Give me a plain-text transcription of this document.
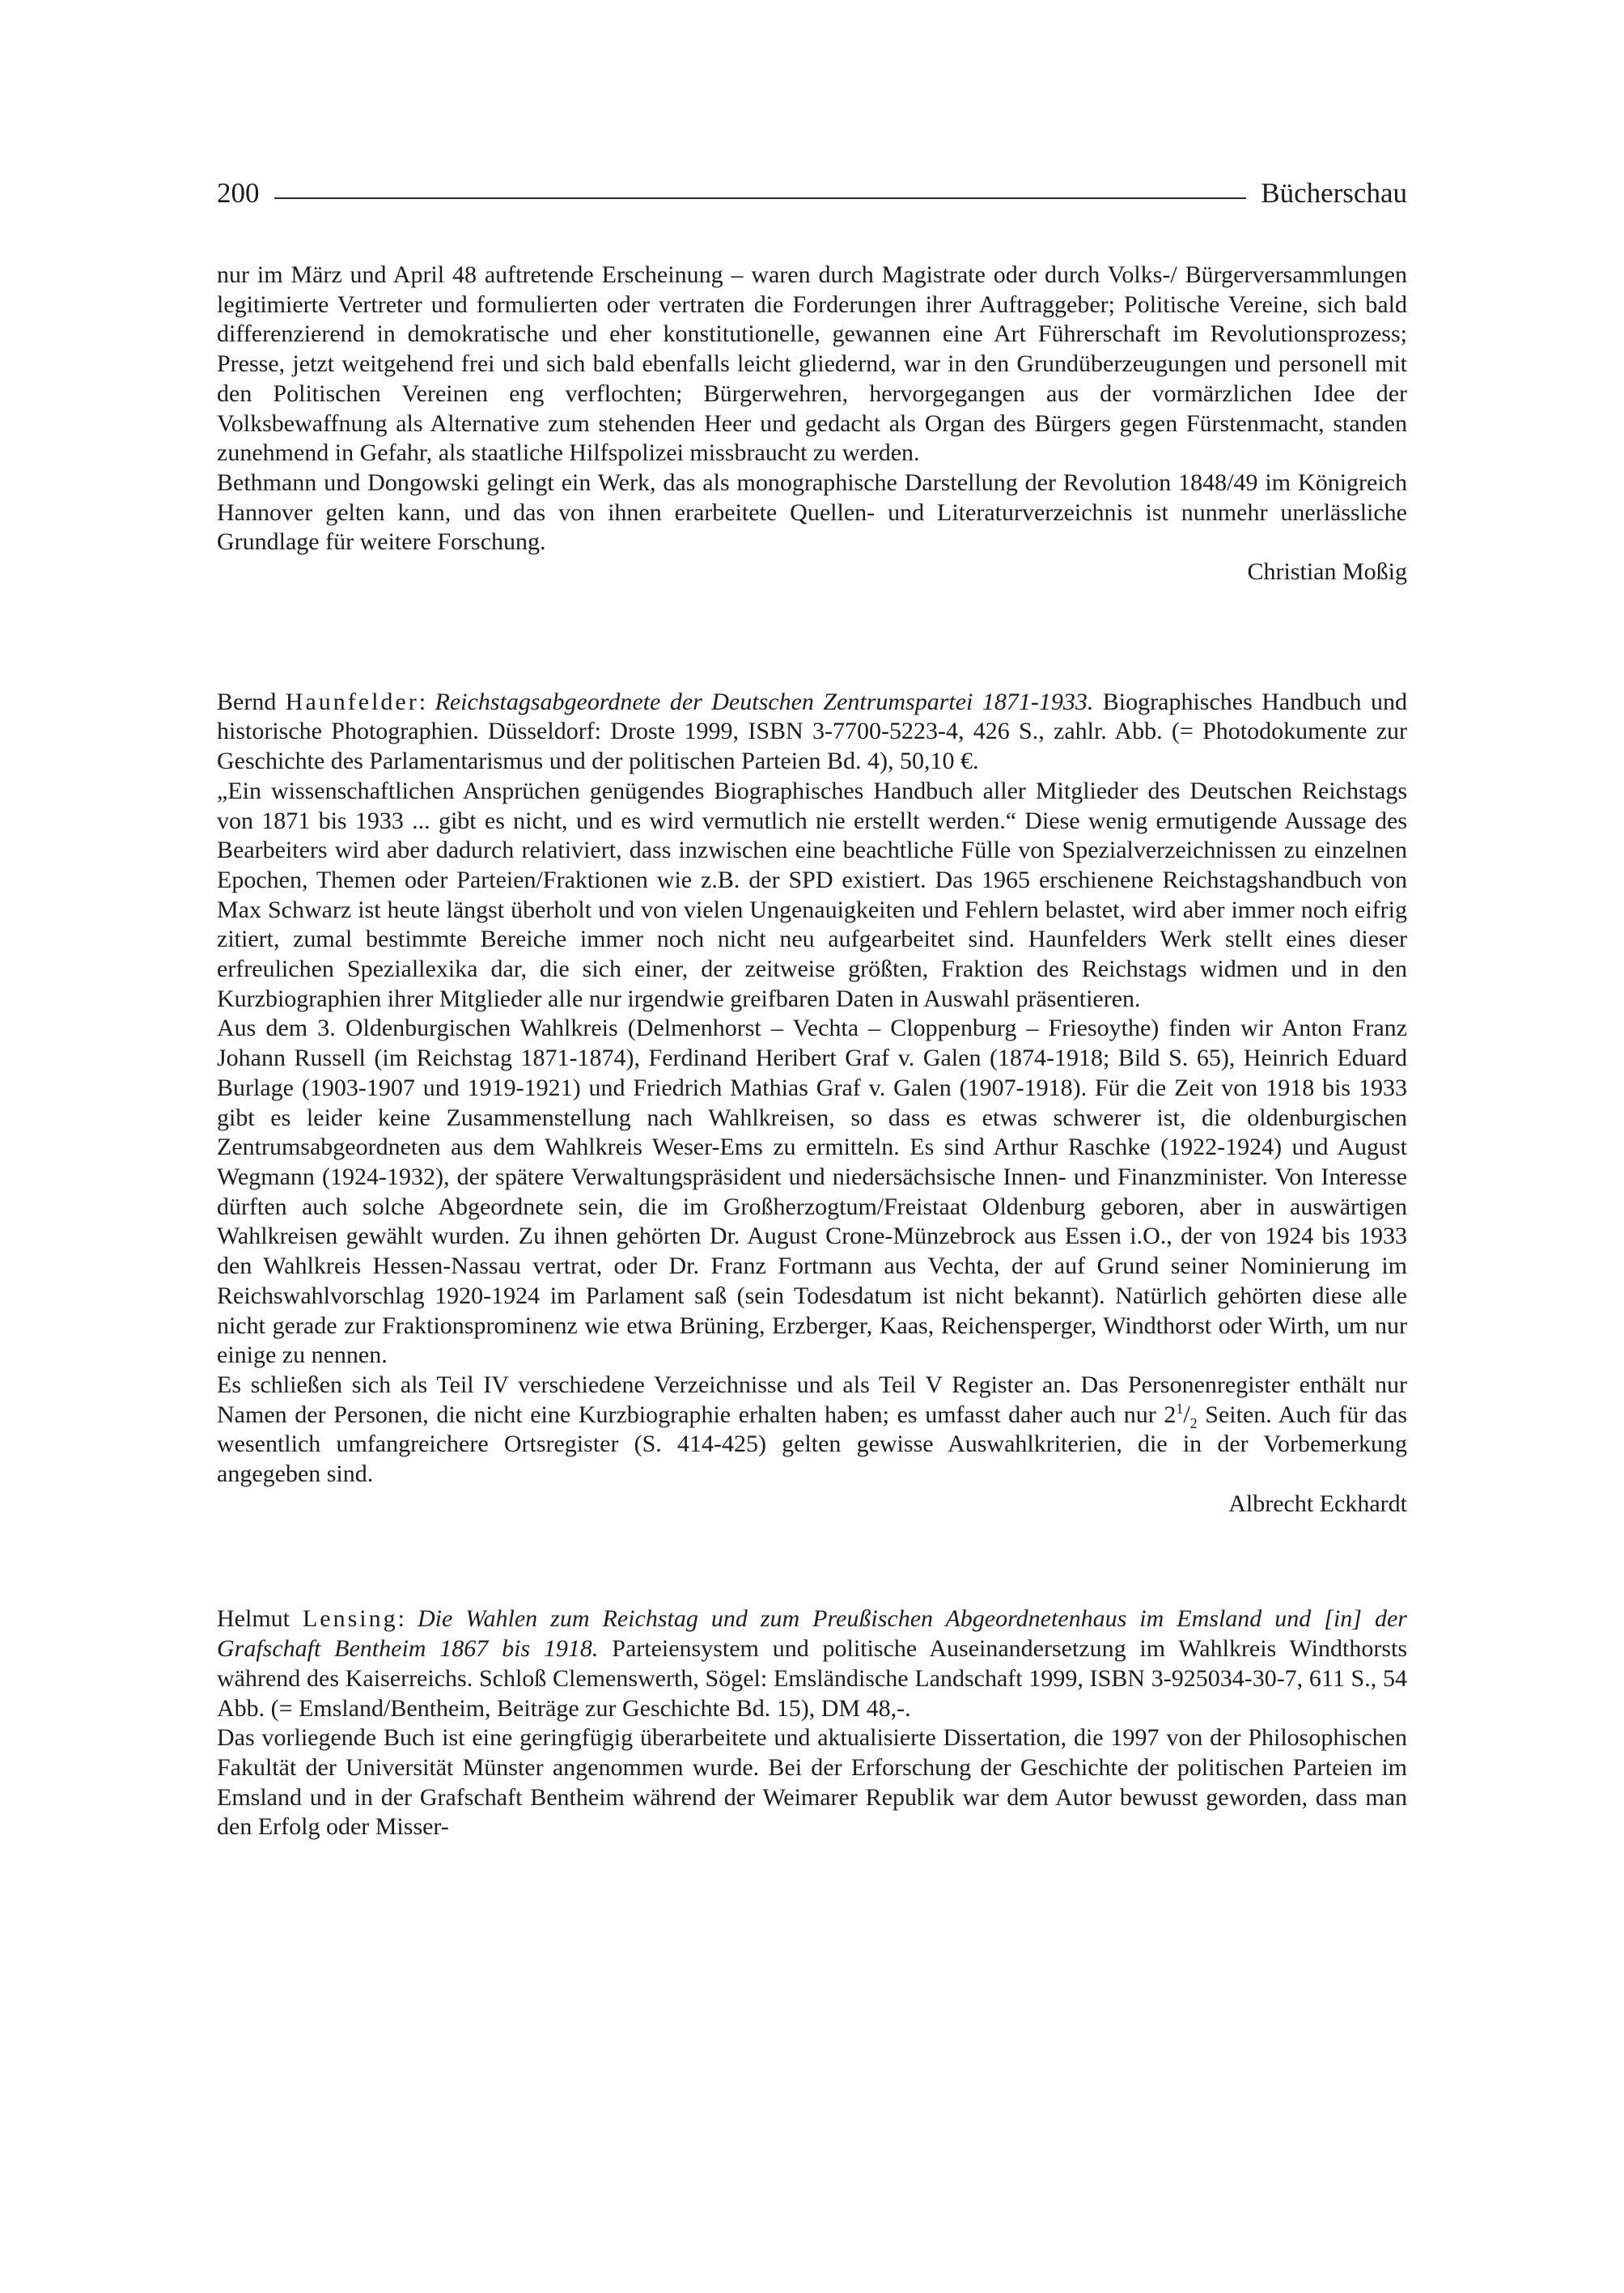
200	Bücherschau

nur im März und April 48 auftretende Erscheinung – waren durch Magistrate oder durch Volks-/ Bürgerversammlungen legitimierte Vertreter und formulierten oder vertraten die Forderungen ihrer Auftraggeber; Politische Vereine, sich bald differenzierend in demokratische und eher konstitutionelle, gewannen eine Art Führerschaft im Revolutionsprozess; Presse, jetzt weitgehend frei und sich bald ebenfalls leicht gliedernd, war in den Grundüberzeugungen und personell mit den Politischen Vereinen eng verflochten; Bürgerwehren, hervorgegangen aus der vormärzlichen Idee der Volksbewaffnung als Alternative zum stehenden Heer und gedacht als Organ des Bürgers gegen Fürstenmacht, standen zunehmend in Gefahr, als staatliche Hilfspolizei missbraucht zu werden.

Bethmann und Dongowski gelingt ein Werk, das als monographische Darstellung der Revolution 1848/49 im Königreich Hannover gelten kann, und das von ihnen erarbeitete Quellen- und Literaturverzeichnis ist nunmehr unerlässliche Grundlage für weitere Forschung.

Christian Moßig

Bernd Haunfelder: Reichstagsabgeordnete der Deutschen Zentrumspartei 1871-1933. Biographisches Handbuch und historische Photographien. Düsseldorf: Droste 1999, ISBN 3-7700-5223-4, 426 S., zahlr. Abb. (= Photodokumente zur Geschichte des Parlamentarismus und der politischen Parteien Bd. 4), 50,10 €.

„Ein wissenschaftlichen Ansprüchen genügendes Biographisches Handbuch aller Mitglieder des Deutschen Reichstags von 1871 bis 1933 ... gibt es nicht, und es wird vermutlich nie erstellt werden.“ Diese wenig ermutigende Aussage des Bearbeiters wird aber dadurch relativiert, dass inzwischen eine beachtliche Fülle von Spezialverzeichnissen zu einzelnen Epochen, Themen oder Parteien/Fraktionen wie z.B. der SPD existiert. Das 1965 erschienene Reichstagshandbuch von Max Schwarz ist heute längst überholt und von vielen Ungenauigkeiten und Fehlern belastet, wird aber immer noch eifrig zitiert, zumal bestimmte Bereiche immer noch nicht neu aufgearbeitet sind. Haunfelders Werk stellt eines dieser erfreulichen Speziallexika dar, die sich einer, der zeitweise größten, Fraktion des Reichstags widmen und in den Kurzbiographien ihrer Mitglieder alle nur irgendwie greifbaren Daten in Auswahl präsentieren.

Aus dem 3. Oldenburgischen Wahlkreis (Delmenhorst – Vechta – Cloppenburg – Friesoythe) finden wir Anton Franz Johann Russell (im Reichstag 1871-1874), Ferdinand Heribert Graf v. Galen (1874-1918; Bild S. 65), Heinrich Eduard Burlage (1903-1907 und 1919-1921) und Friedrich Mathias Graf v. Galen (1907-1918). Für die Zeit von 1918 bis 1933 gibt es leider keine Zusammenstellung nach Wahlkreisen, so dass es etwas schwerer ist, die oldenburgischen Zentrumsabgeordneten aus dem Wahlkreis Weser-Ems zu ermitteln. Es sind Arthur Raschke (1922-1924) und August Wegmann (1924-1932), der spätere Verwaltungspräsident und niedersächsische Innen- und Finanzminister. Von Interesse dürften auch solche Abgeordnete sein, die im Großherzogtum/Freistaat Oldenburg geboren, aber in auswärtigen Wahlkreisen gewählt wurden. Zu ihnen gehörten Dr. August Crone-Münzebrock aus Essen i.O., der von 1924 bis 1933 den Wahlkreis Hessen-Nassau vertrat, oder Dr. Franz Fortmann aus Vechta, der auf Grund seiner Nominierung im Reichswahlvorschlag 1920-1924 im Parlament saß (sein Todesdatum ist nicht bekannt). Natürlich gehörten diese alle nicht gerade zur Fraktionsprominenz wie etwa Brüning, Erzberger, Kaas, Reichensperger, Windthorst oder Wirth, um nur einige zu nennen.

Es schließen sich als Teil IV verschiedene Verzeichnisse und als Teil V Register an. Das Personenregister enthält nur Namen der Personen, die nicht eine Kurzbiographie erhalten haben; es umfasst daher auch nur $2^1/_2$ Seiten. Auch für das wesentlich umfangreichere Ortsregister (S. 414-425) gelten gewisse Auswahlkriterien, die in der Vorbemerkung angegeben sind.

Albrecht Eckhardt

Helmut Lensing: Die Wahlen zum Reichstag und zum Preußischen Abgeordnetenhaus im Emsland und [in] der Grafschaft Bentheim 1867 bis 1918. Parteiensystem und politische Auseinandersetzung im Wahlkreis Windthorsts während des Kaiserreichs. Schloß Clemenswerth, Sögel: Emsländische Landschaft 1999, ISBN 3-925034-30-7, 611 S., 54 Abb. (= Emsland/Bentheim, Beiträge zur Geschichte Bd. 15), DM 48,-.

Das vorliegende Buch ist eine geringfügig überarbeitete und aktualisierte Dissertation, die 1997 von der Philosophischen Fakultät der Universität Münster angenommen wurde. Bei der Erforschung der Geschichte der politischen Parteien im Emsland und in der Grafschaft Bentheim während der Weimarer Republik war dem Autor bewusst geworden, dass man den Erfolg oder Misser-
